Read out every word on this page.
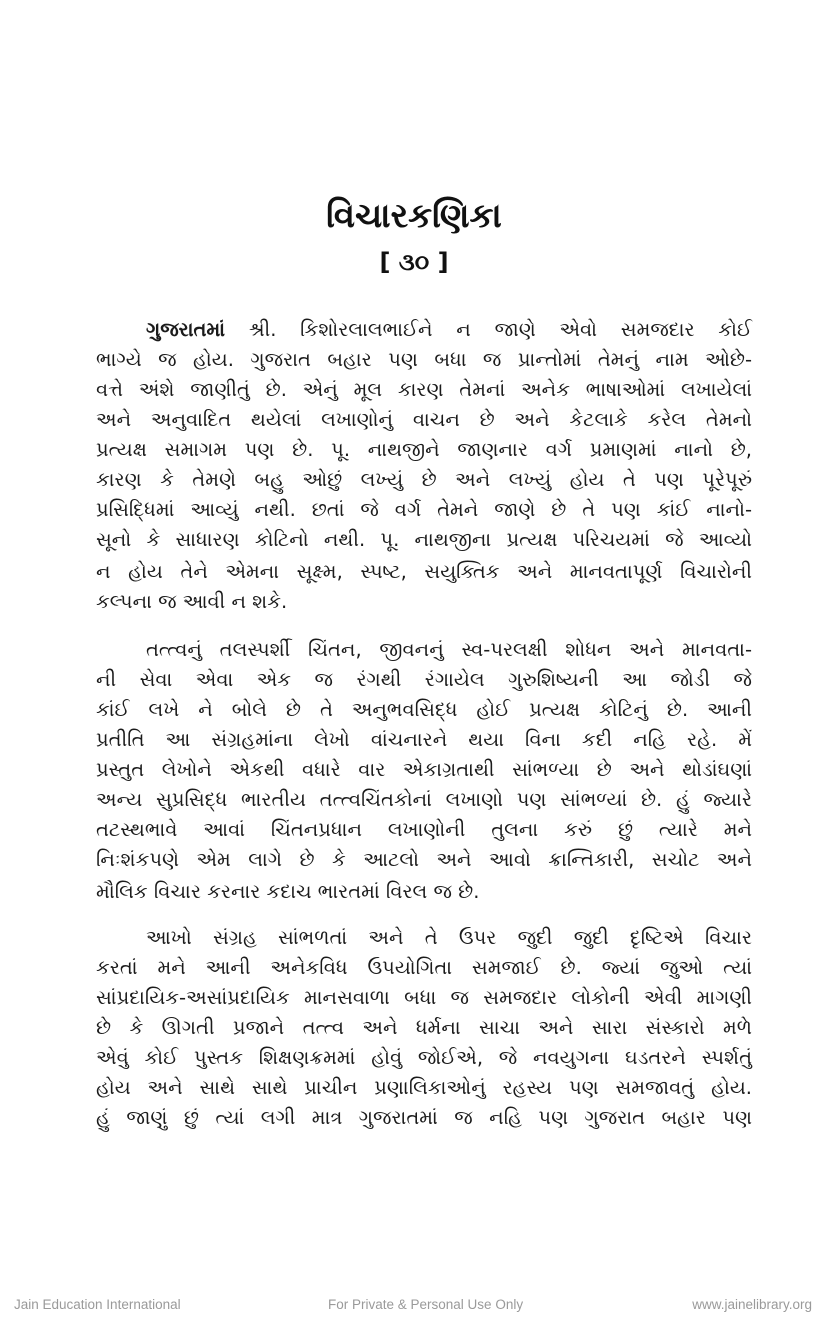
વિચારકણિકા
[ ૩૦ ]
ગુજરાતમાં શ્રી. કિશોરલાલભાઈને ન જાણે એવો સમજદાર કોઈ
ભાગ્યે જ હોય. ગુજરાત બહાર પણ બધા જ પ્રાન્તોમાં તેમનું નામ ઓછે-
વત્તે અંશે જાણીતું છે. એનું મૂલ કારણ તેમનાં અનેક ભાષાઓમાં લખાયેલાં
અને અનુવાદિત થયેલાં લખાણોનું વાચન છે અને કેટલાકે કરેલ તેમનો
પ્રત્યક્ષ સમાગમ પણ છે. પૂ. નાથજીને જાણનાર વર્ગ પ્રમાણમાં નાનો છે,
કારણ કે તેમણે બહુ ઓછું લખ્યું છે અને લખ્યું હોય તે પણ પૂરેપૂરું
પ્રસિદ્ધિમાં આવ્યું નથી. છતાં જે વર્ગ તેમને જાણે છે તે પણ કાંઈ નાનો-
સૂનો કે સાધારણ કોટિનો નથી. પૂ. નાથજીના પ્રત્યક્ષ પરિચયમાં જે આવ્યો
ન હોય તેને એમના સૂક્ષ્મ, સ્પષ્ટ, સયુક્તિક અને માનવતાપૂર્ણ વિચારોની
કલ્પના જ આવી ન શકે.
તત્ત્વનું તલસ્પર્શી ચિંતન, જીવનનું સ્વ-પરલક્ષી શોધન અને માનવતા-
ની સેવા એવા એક જ રંગથી રંગાયેલ ગુરુશિષ્યની આ જોડી જે
કાંઈ લખે ને બોલે છે તે અનુભવસિદ્ધ હોઈ પ્રત્યક્ષ કોટિનું છે. આની
પ્રતીતિ આ સંગ્રહમાંના લેખો વાંચનારને થયા વિના કદી નહિ રહે. મેં
પ્રસ્તુત લેખોને એકથી વધારે વાર એકાગ્રતાથી સાંભળ્યા છે અને થોડાંઘણાં
અન્ય સુપ્રસિદ્ધ ભારતીય તત્ત્વચિંતકોનાં લખાણો પણ સાંભળ્યાં છે. હું જ્યારે
તટસ્થભાવે આવાં ચિંતનપ્રધાન લખાણોની તુલના કરું છું ત્યારે મને
નિઃશંકપણે એમ લાગે છે કે આટલો અને આવો ક્રાન્તિકારી, સચોટ અને
મૌલિક વિચાર કરનાર કદાચ ભારતમાં વિરલ જ છે.
આખો સંગ્રહ સાંભળતાં અને તે ઉપર જુદી જુદી દૃષ્ટિએ વિચાર
કરતાં મને આની અનેકવિધ ઉપયોગિતા સમજાઈ છે. જ્યાં જુઓ ત્યાં
સાંપ્રદાયિક-અસાંપ્રદાયિક માનસવાળા બધા જ સમજદાર લોકોની એવી માગણી
છે કે ઊગતી પ્રજાને તત્ત્વ અને ધર્મના સાચા અને સારા સંસ્કારો મળે
એવું કોઈ પુસ્તક શિક્ષણક્રમમાં હોવું જોઈએ, જે નવયુગના ઘડતરને સ્પર્શતું
હોય અને સાથે સાથે પ્રાચીન પ્રણાલિકાઓનું રહસ્ય પણ સમજાવતું હોય.
હું જાણું છું ત્યાં લગી માત્ર ગુજરાતમાં જ નહિ પણ ગુજરાત બહાર પણ
Jain Education International	For Private & Personal Use Only	www.jainelibrary.org
